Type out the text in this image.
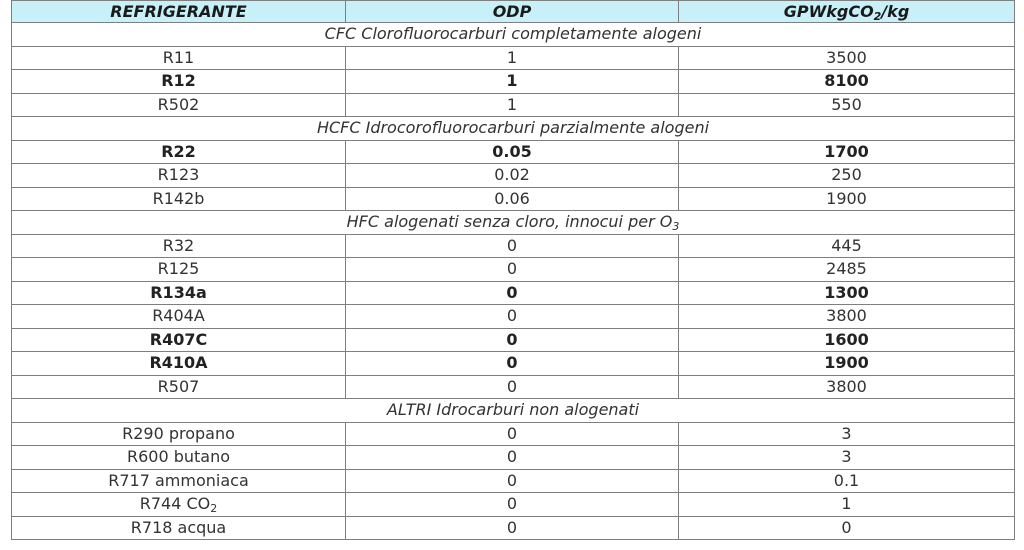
REFRIGERANTE	ODP	GPWkgCO$_2$/kg
CFC Clorofluorocarburi completamente alogeni		
R11	1	3500
R12	1	8100
R502	1	550
HCFC Idrocorofluorocarburi parzialmente alogeni		
R22	0.05	1700
R123	0.02	250
R142b	0.06	1900
HFC alogenati senza cloro, innocui per $O_3$
R32	0	445
R125	0	2485
R134a	0	1300
R404A	0	3800
R407C	0	1600
R410A	0	1900
R507	0	3800
ALTRI Idrocarburi non alogenati		
R290 propano	0	3
R600 butano	0	3
R717 ammoniaca	0	0.1
R744 $CO_2$	0	1
R718 acqua	0	0
